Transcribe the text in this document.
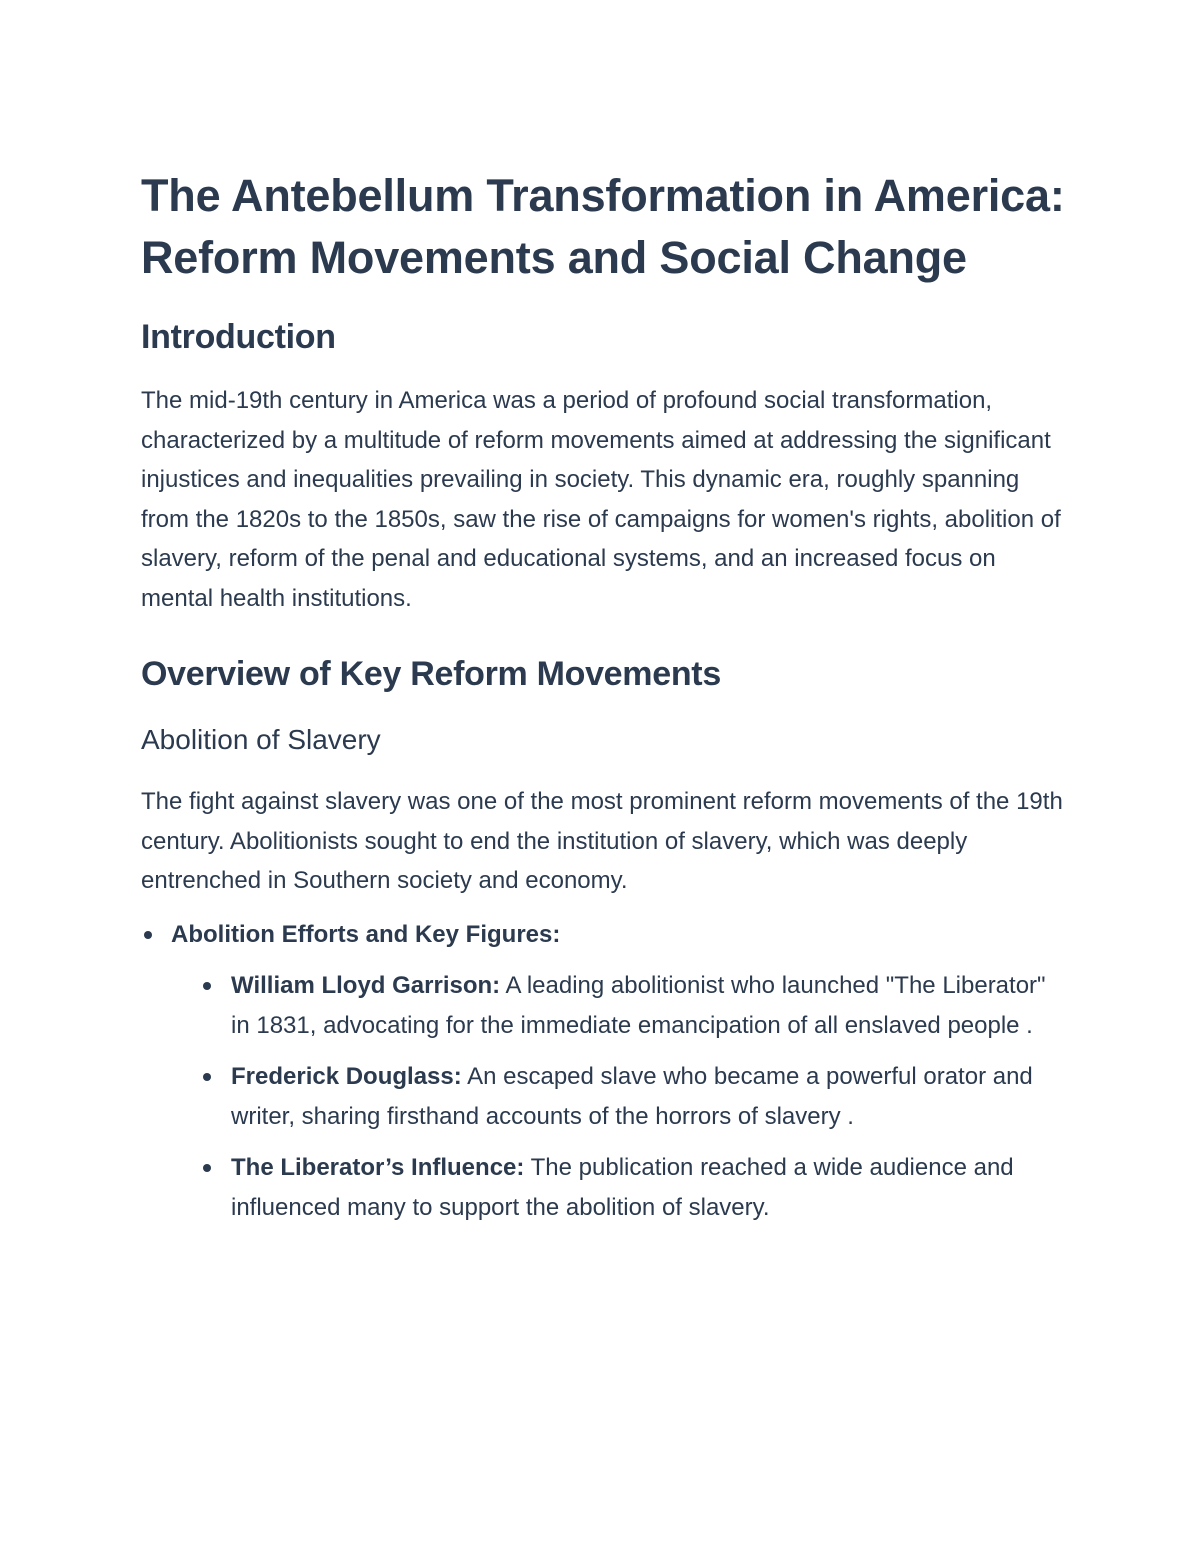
The Antebellum Transformation in America: Reform Movements and Social Change
Introduction

The mid-19th century in America was a period of profound social transformation, characterized by a multitude of reform movements aimed at addressing the significant injustices and inequalities prevailing in society. This dynamic era, roughly spanning from the 1820s to the 1850s, saw the rise of campaigns for women's rights, abolition of slavery, reform of the penal and educational systems, and an increased focus on mental health institutions.

Overview of Key Reform Movements
Abolition of Slavery

The fight against slavery was one of the most prominent reform movements of the 19th century. Abolitionists sought to end the institution of slavery, which was deeply entrenched in Southern society and economy.

Abolition Efforts and Key Figures:
William Lloyd Garrison: A leading abolitionist who launched "The Liberator" in 1831, advocating for the immediate emancipation of all enslaved people .
Frederick Douglass: An escaped slave who became a powerful orator and writer, sharing firsthand accounts of the horrors of slavery .
The Liberator’s Influence: The publication reached a wide audience and influenced many to support the abolition of slavery.
